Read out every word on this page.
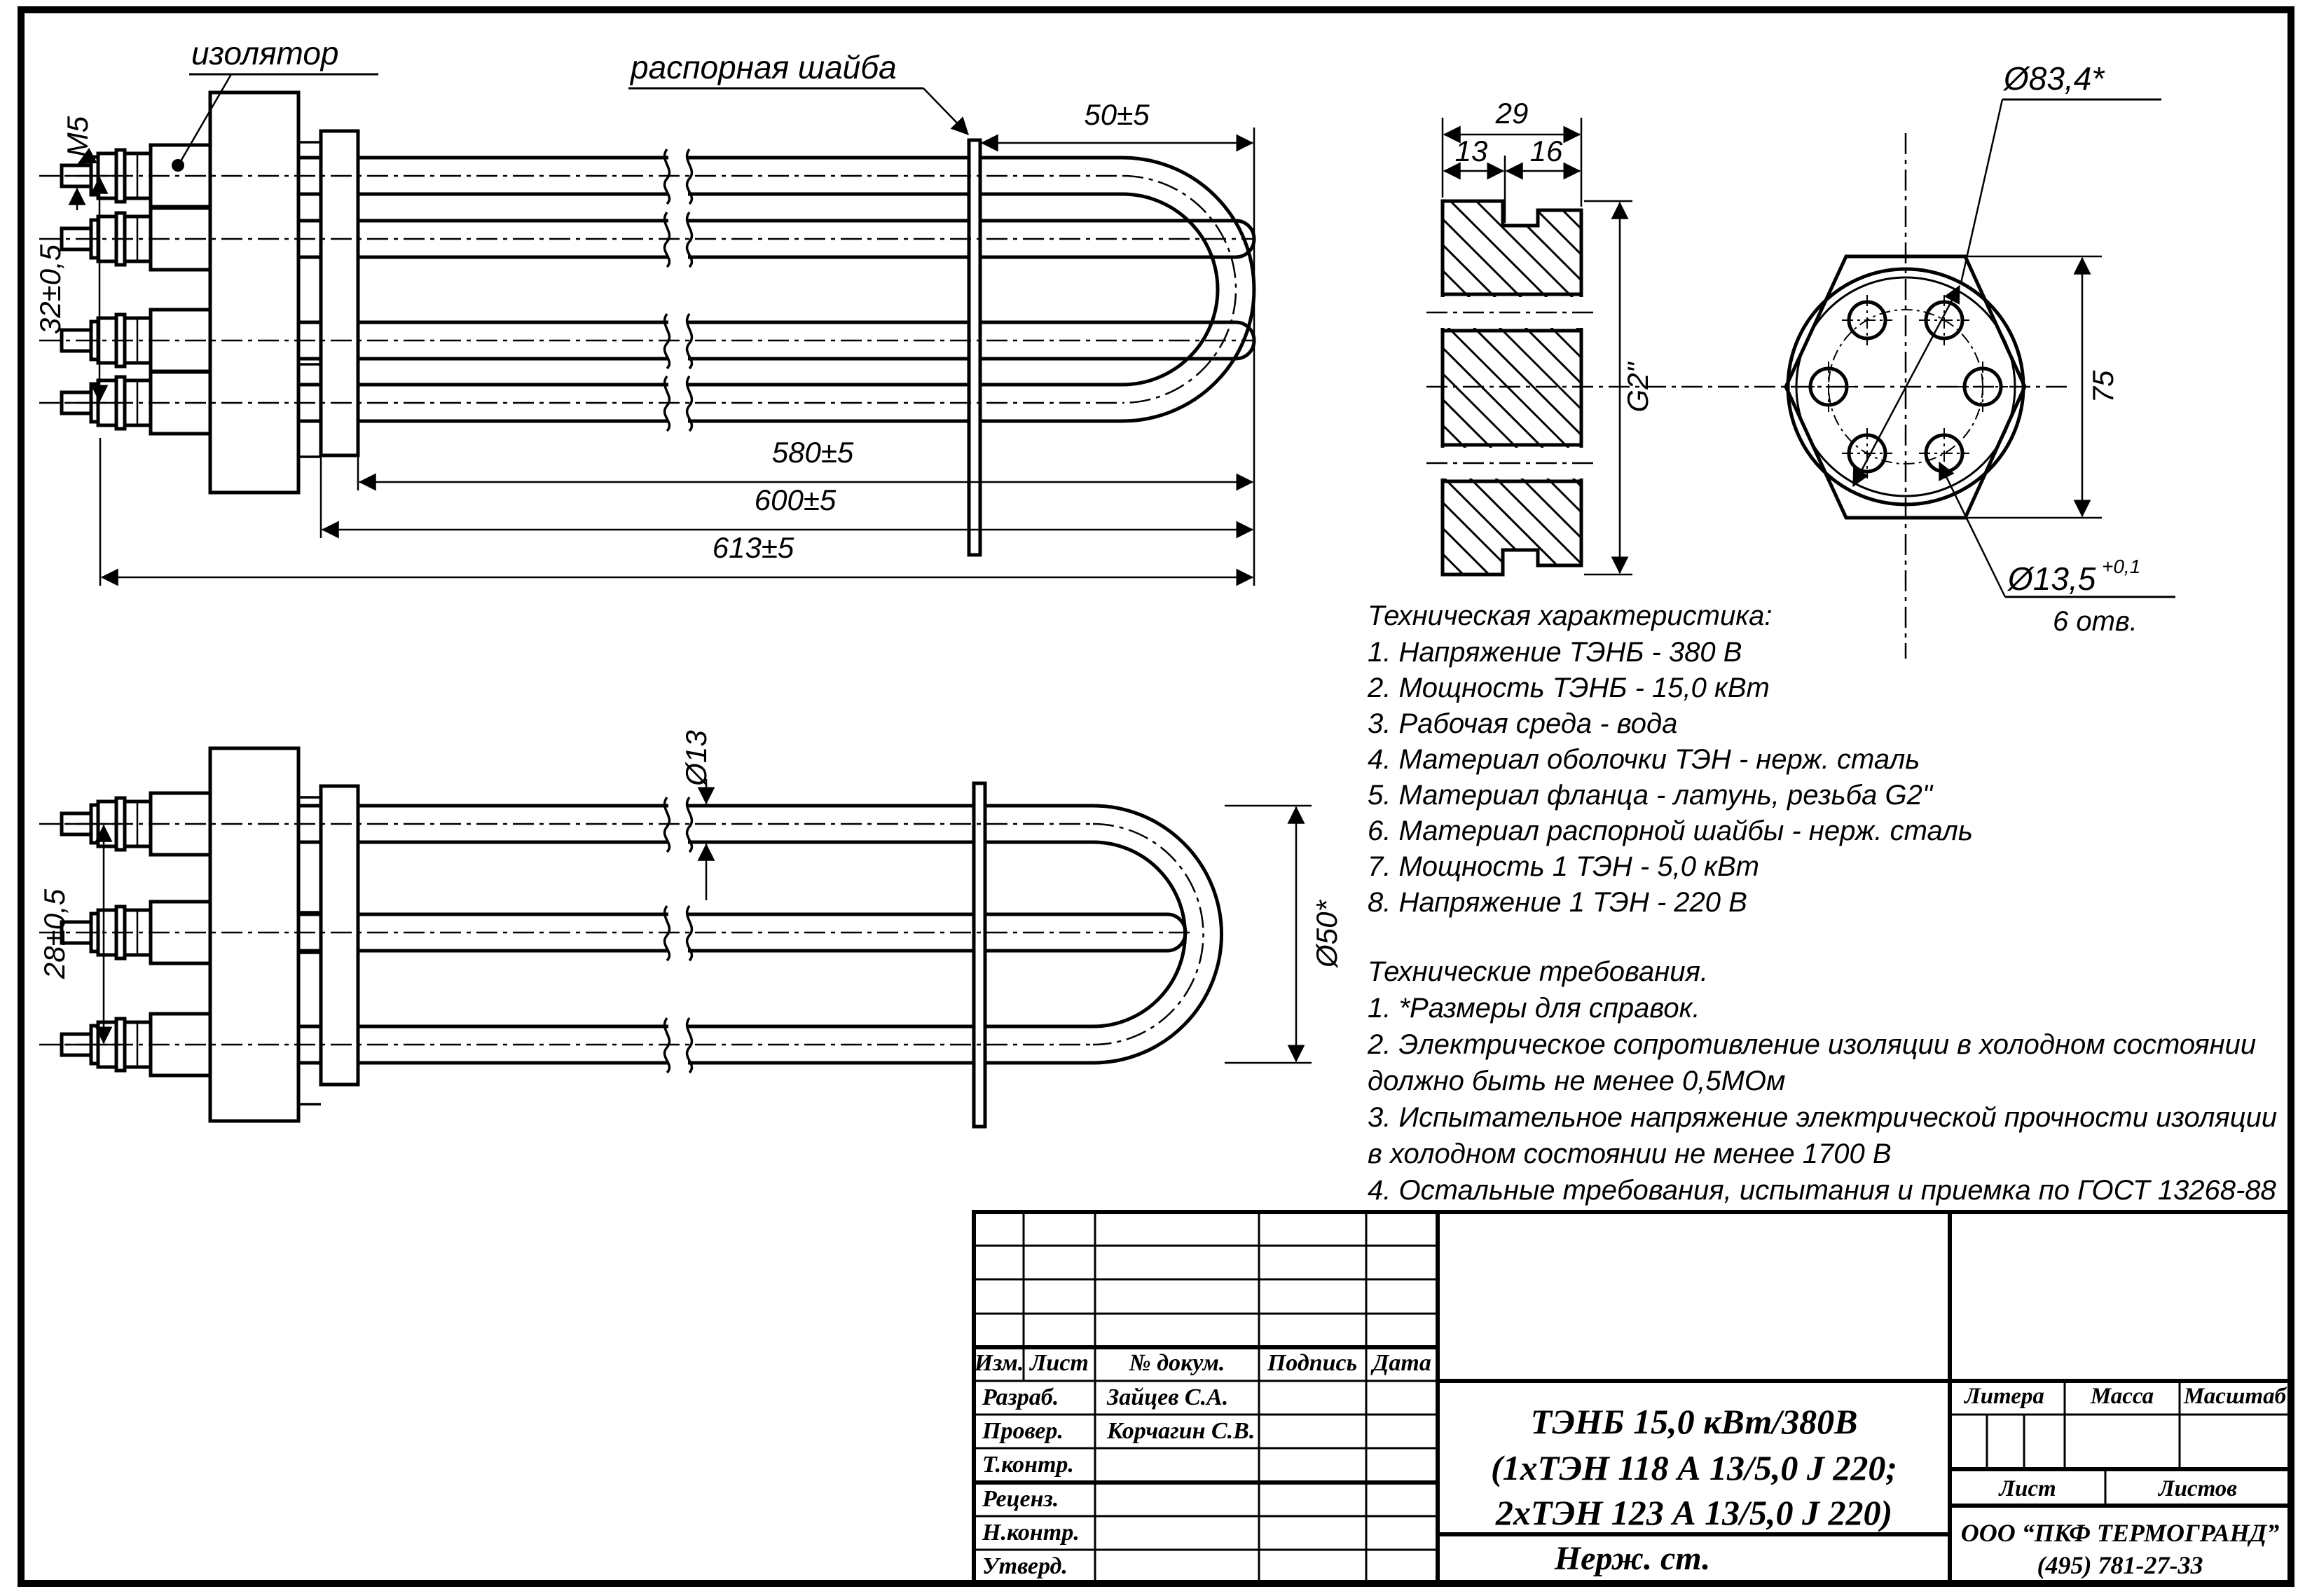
изолятор	распорная шайба
M5
32±0,5
50±5
580±5
600±5
613±5
28±0,5
Ø13
Ø50*
29
13 16
G2"
Ø83,4*
75
Ø13,5 +0,1
6 отв.
Техническая характеристика:
1. Напряжение ТЭНБ - 380 В
2. Мощность ТЭНБ - 15,0 кВт
3. Рабочая среда - вода
4. Материал оболочки ТЭН - нерж. сталь
5. Материал фланца - латунь, резьба G2"
6. Материал распорной шайбы - нерж. сталь
7. Мощность 1 ТЭН - 5,0 кВт
8. Напряжение 1 ТЭН - 220 В
Технические требования.
1. *Размеры для справок.
2. Электрическое сопротивление изоляции в холодном состоянии
должно быть не менее 0,5МОм
3. Испытательное напряжение электрической прочности изоляции
в холодном состоянии не менее 1700 В
4. Остальные требования, испытания и приемка по ГОСТ 13268-88
Изм. Лист № докум. Подпись Дата
Разраб. Зайцев С.А.
Провер. Корчагин С.В.
Т.контр.
Реценз.
Н.контр.
Утверд.
ТЭНБ 15,0 кВт/380В
(1хТЭН 118 А 13/5,0 J 220;
2хТЭН 123 А 13/5,0 J 220)
Нерж. ст.
Литера Масса Масштаб
Лист	Листов
ООО “ПКФ ТЕРМОГРАНД”
(495) 781-27-33
